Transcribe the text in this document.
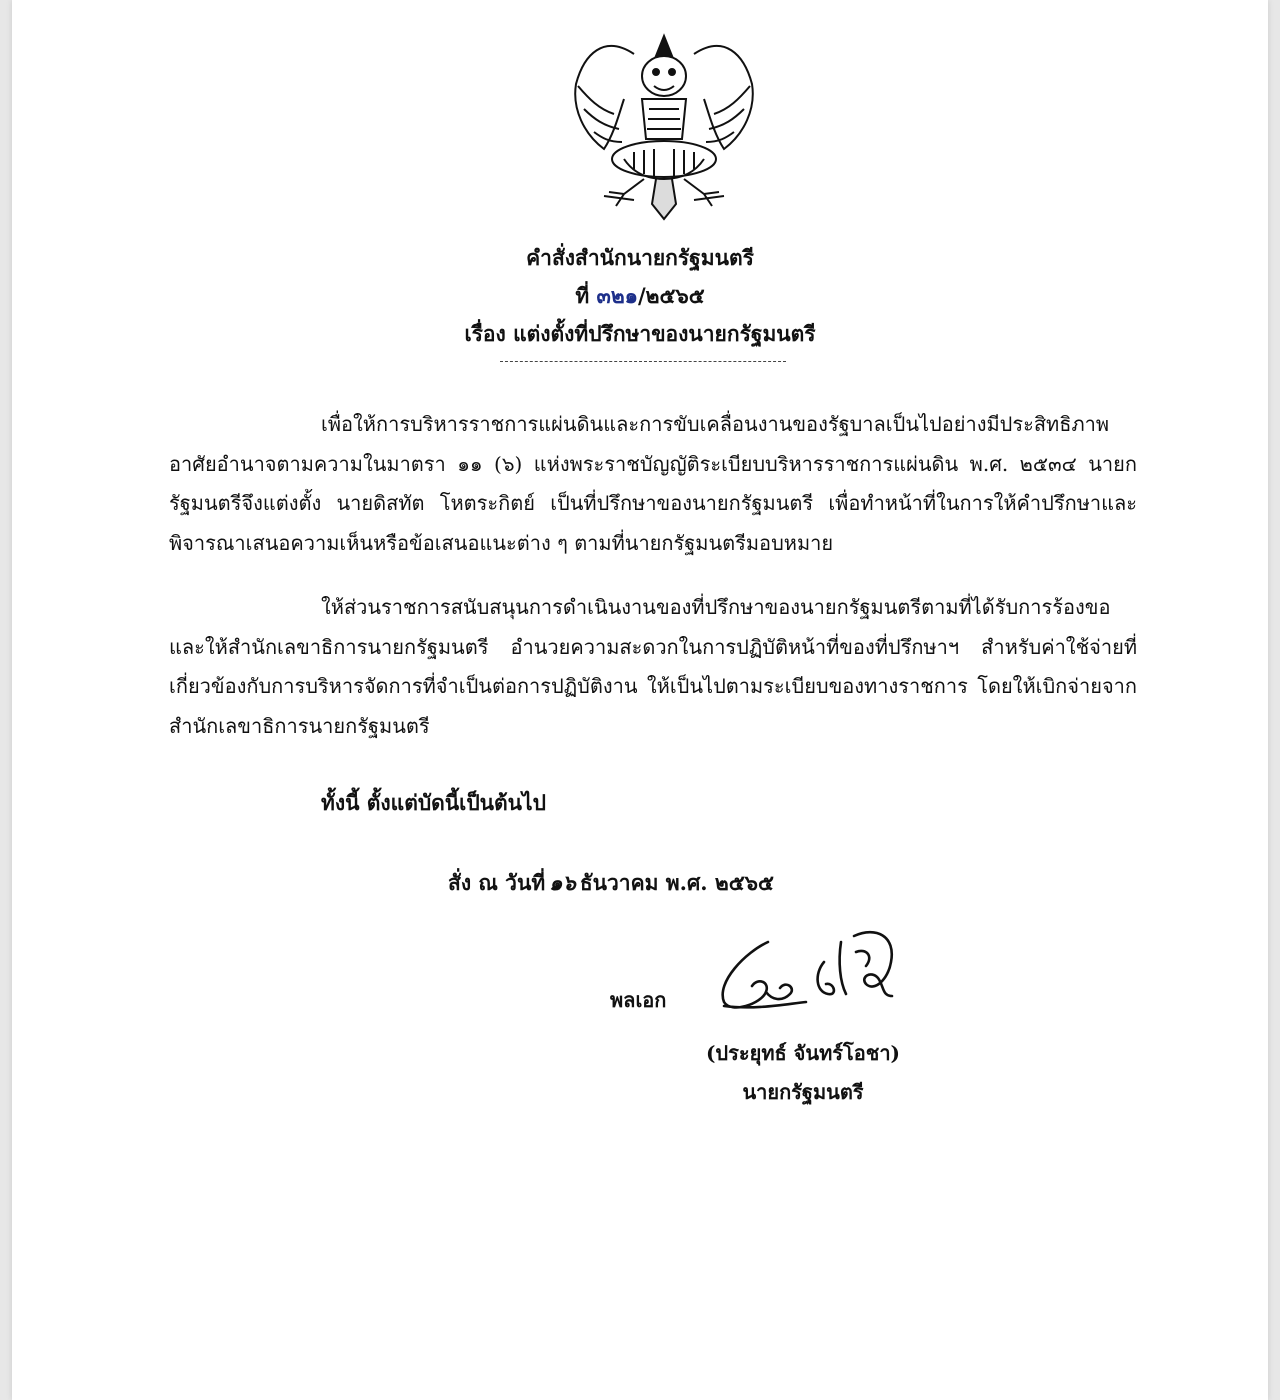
คำสั่งสำนักนายกรัฐมนตรี
ที่ ๓๒๑/๒๕๖๕
เรื่อง แต่งตั้งที่ปรึกษาของนายกรัฐมนตรี
เพื่อให้การบริหารราชการแผ่นดินและการขับเคลื่อนงานของรัฐบาลเป็นไปอย่างมีประสิทธิภาพ อาศัยอำนาจตามความในมาตรา ๑๑ (๖) แห่งพระราชบัญญัติระเบียบบริหารราชการแผ่นดิน พ.ศ. ๒๕๓๔ นายกรัฐมนตรีจึงแต่งตั้ง นายดิสทัต โหตระกิตย์ เป็นที่ปรึกษาของนายกรัฐมนตรี เพื่อทำหน้าที่ในการให้คำปรึกษาและพิจารณาเสนอความเห็นหรือข้อเสนอแนะต่าง ๆ ตามที่นายกรัฐมนตรีมอบหมาย
ให้ส่วนราชการสนับสนุนการดำเนินงานของที่ปรึกษาของนายกรัฐมนตรีตามที่ได้รับการร้องขอ และให้สำนักเลขาธิการนายกรัฐมนตรี อำนวยความสะดวกในการปฏิบัติหน้าที่ของที่ปรึกษาฯ สำหรับค่าใช้จ่ายที่เกี่ยวข้องกับการบริหารจัดการที่จำเป็นต่อการปฏิบัติงาน ให้เป็นไปตามระเบียบของทางราชการ โดยให้เบิกจ่ายจากสำนักเลขาธิการนายกรัฐมนตรี
ทั้งนี้ ตั้งแต่บัดนี้เป็นต้นไป
สั่ง ณ วันที่ ๑๖ ธันวาคม พ.ศ. ๒๕๖๕
พลเอก
(ประยุทธ์ จันทร์โอชา)
นายกรัฐมนตรี
